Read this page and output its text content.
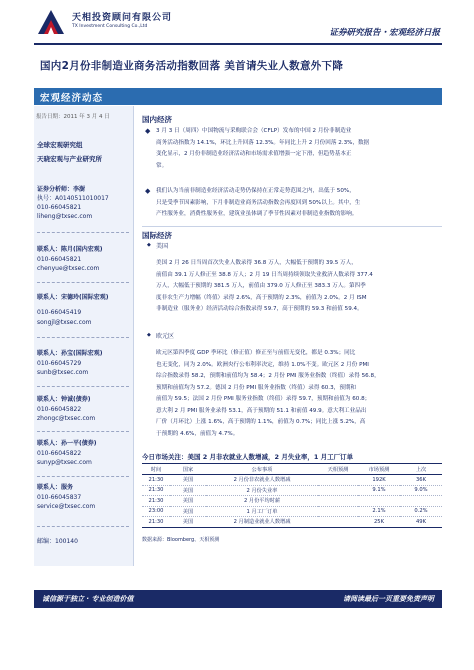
天相投资顾问有限公司
TX Investment Consulting Co.,Ltd
证券研究报告・宏观经济日报
国内2月份非制造业商务活动指数回落 美首请失业人数意外下降
宏观经济动态
报告日期：2011 年 3 月 4 日
全球宏观研究组
天晓宏观与产业研究所
证券分析师：李澍
执号：A0140511010017
010-66045821
liheng@txsec.com
联系人：陈月(国内宏观)
010-66045821
chenyue@txsec.com
联系人：宋德玲(国际宏观)
010-66045419
songjl@txsec.com
联系人：孙宝(国际宏观)
010-66045729
sunb@txsec.com
联系人：钟诚(债券)
010-66045822
zhongc@txsec.com
联系人：孙一平(债券)
010-66045822
sunyp@txsec.com
联系人：服务
010-66045837
service@txsec.com
邮编：100140
国内经济
◆ 3 月 3 日（周四）中国物流与采购联合会（CFLP）发布的中国 2 月份非制造业
商务活动指数为 14.1%，环比上升回落 12.3%。年同比上升 2 月份回落 2.3%，数据
变化显示，2 月份非制造业经济活动和市场需求值增强一定下滑，但趋势基本正
常。
◆ 我们认为当前非制造业经济活动走势仍保持在正常走势范围之内，出低于 50%，
只是受季节因素影响，下月非制造业商务活动指数会再度回到 50%以上。其中，生
产性服务业，消费性服务业，建筑业虽体调了季节性因素对非制造业指数的影响。
国际经济
◆ 美国
美国 2 月 26 日当周首次失业人数录得 36.8 万人，大幅低于预期的 39.5 万人，
前值由 39.1 万人修正至 38.8 万人；2 月 19 日当周持续领取失业救济人数录得 377.4
万人，大幅低于预期的 381.5 万人，前值由 379.0 万人修正至 383.3 万人。第四季
度非农生产力增幅（终值）录得 2.6%，高于预期的 2.3%，前值为 2.0%。2 月 ISM
非制造业（服务业）经济活动综合指数录得 59.7，高于预期的 59.3 和前值 59.4。
◆ 欧元区
欧元区第四季度 GDP 季环比（修正值）修正至与前值无变化，都是 0.3%；同比
也无变化，同为 2.0%。欧洲央行公布利率决定，维持 1.0%不变。欧元区 2 月份 PMI
综合指数录得 58.2，预期和前值均为 58.4；2 月份 PMI 服务业指数（终值）录得 56.8，
预期和前值均为 57.2。德国 2 月份 PMI 服务业指数（终值）录得 60.3，预期和
前值为 59.5；法国 2 月份 PMI 服务业指数（终值）录得 59.7，预期和前值为 60.8；
意大利 2 月 PMI 服务业录得 53.1，高于预期的 51.1 和前值 49.9。意大利工业品出
厂价（月环比）上涨 1.6%，高于预期的 1.1%，前值为 0.7%；同比上涨 5.2%，高
于预期的 4.6%，前值为 4.7%。
今日市场关注：美国 2 月非农就业人数增减，2 月失业率，1 月工厂订单
时间	国家	公布事项	天相预测	市场预测	上次
21:30	美国	2 月份非农就业人数增减		192K	36K
21:30	美国	2 月份失业率		9.1%	9.0%
21:30	美国	2 月份平均时薪			
23:00	美国	1 月工厂订单		2.1%	0.2%
21:30	美国	2 月制造业就业人数增减		25K	49K
数据来源：Bloomberg、天相预测
诚信源于独立 · 专业创造价值	请阅读最后一页重要免责声明
